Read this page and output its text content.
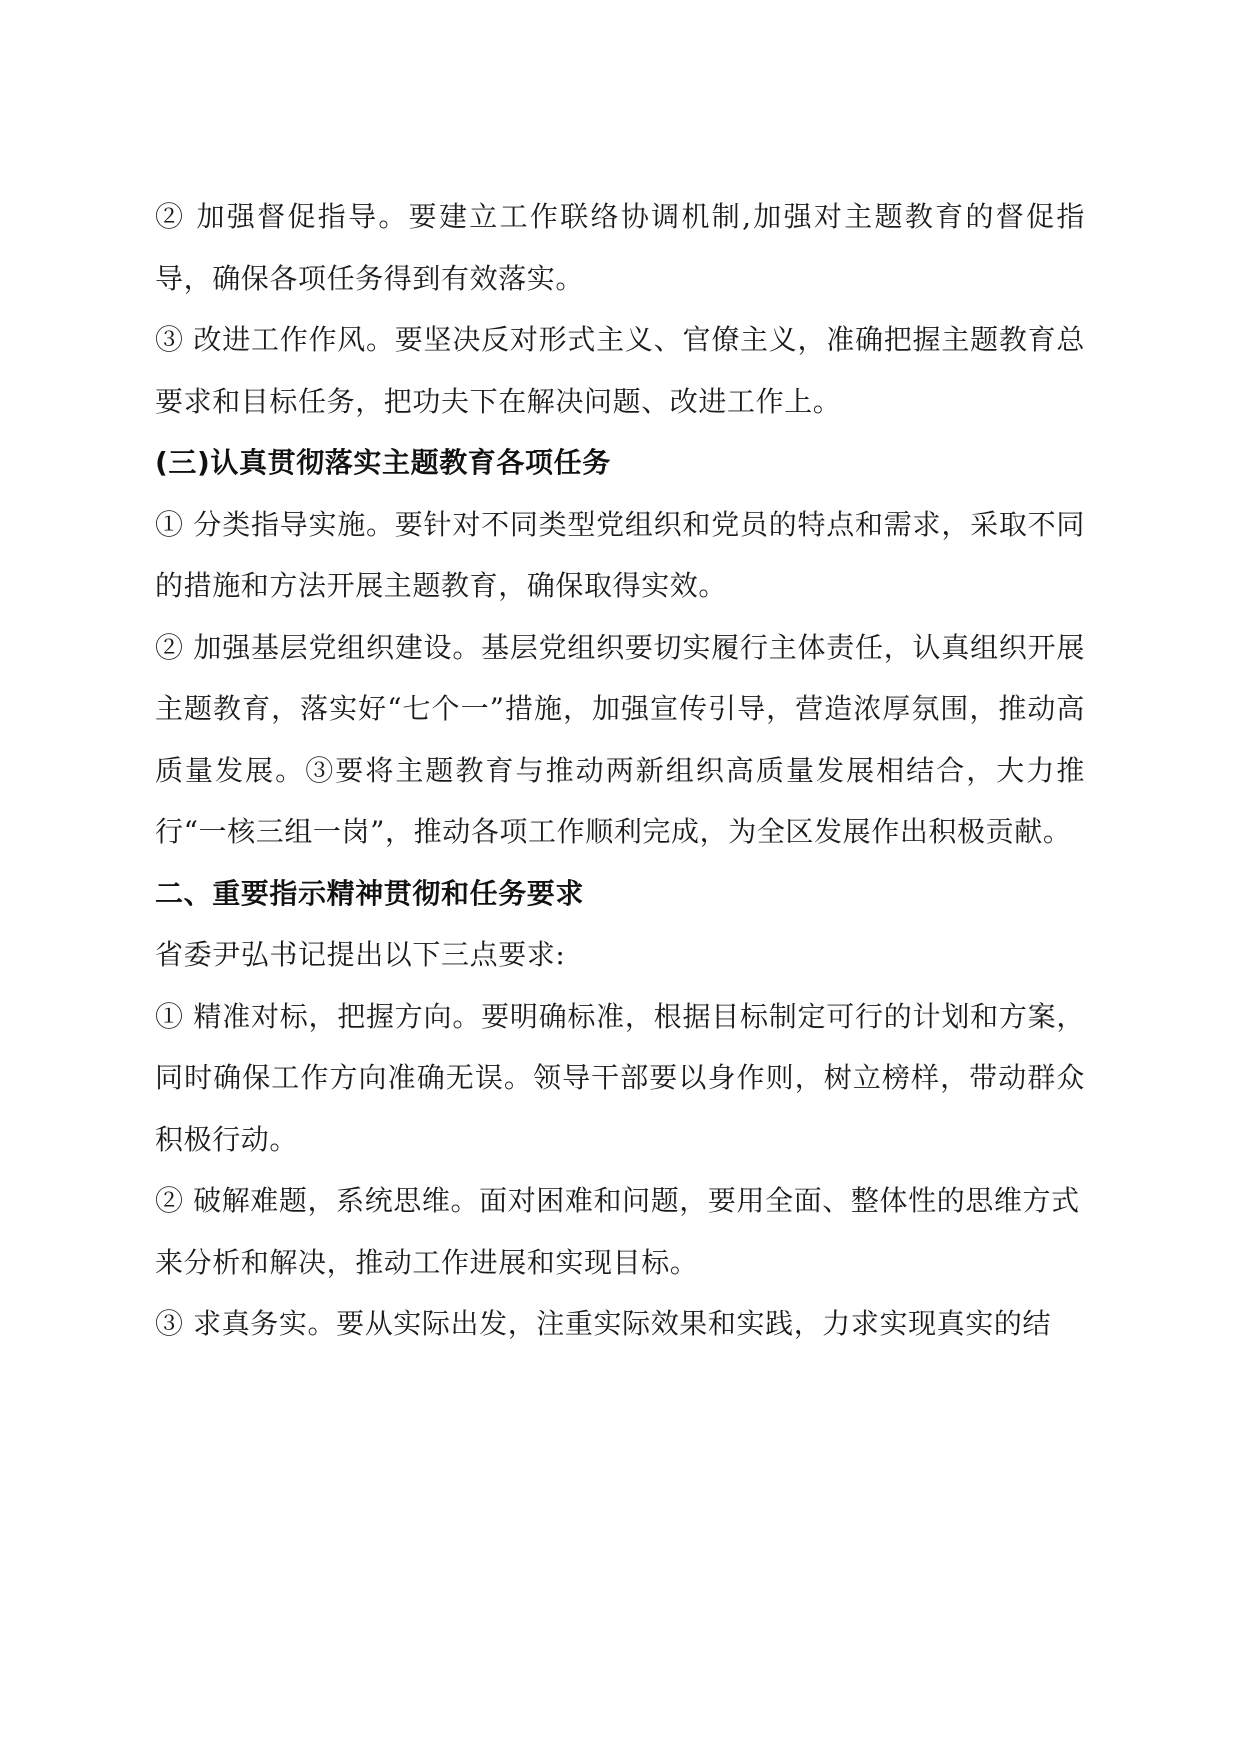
② 加强督促指导。要建立工作联络协调机制,加强对主题教育的督促指导，确保各项任务得到有效落实。

③ 改进工作作风。要坚决反对形式主义、官僚主义，准确把握主题教育总要求和目标任务，把功夫下在解决问题、改进工作上。

(三)认真贯彻落实主题教育各项任务

① 分类指导实施。要针对不同类型党组织和党员的特点和需求，采取不同的措施和方法开展主题教育，确保取得实效。

② 加强基层党组织建设。基层党组织要切实履行主体责任，认真组织开展主题教育，落实好“七个一”措施，加强宣传引导，营造浓厚氛围，推动高质量发展。③要将主题教育与推动两新组织高质量发展相结合，大力推行“一核三组一岗”，推动各项工作顺利完成，为全区发展作出积极贡献。

二、重要指示精神贯彻和任务要求

省委尹弘书记提出以下三点要求:

① 精准对标，把握方向。要明确标准，根据目标制定可行的计划和方案，同时确保工作方向准确无误。领导干部要以身作则，树立榜样，带动群众积极行动。

② 破解难题，系统思维。面对困难和问题，要用全面、整体性的思维方式

来分析和解决，推动工作进展和实现目标。

③ 求真务实。要从实际出发，注重实际效果和实践，力求实现真实的结
